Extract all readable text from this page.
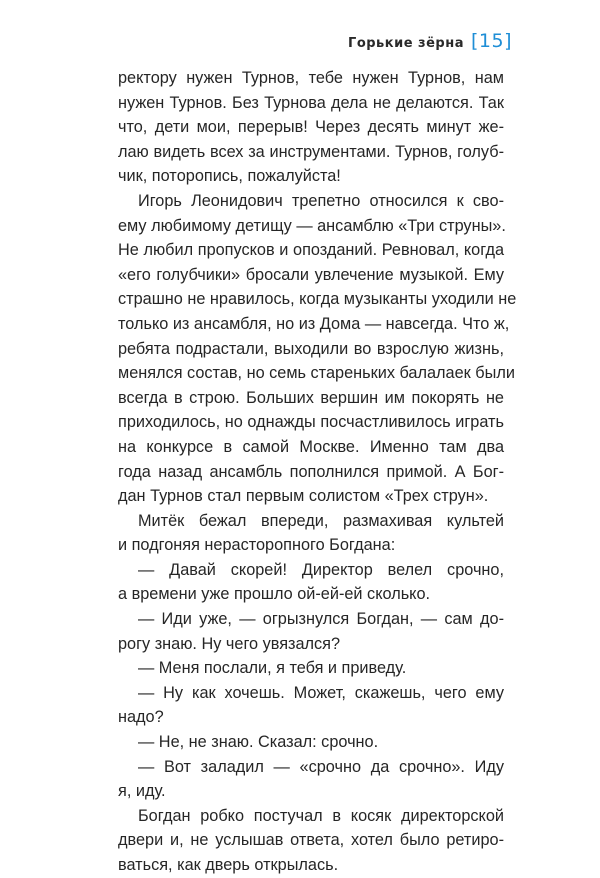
Горькие зёрна [15]
ректору нужен Турнов, тебе нужен Турнов, нам
нужен Турнов. Без Турнова дела не делаются. Так
что, дети мои, перерыв! Через десять минут же-
лаю видеть всех за инструментами. Турнов, голуб-
чик, потoропись, пожалуйста!
Игорь Леонидович трепетно относился к сво-
ему любимому детищу — ансамблю «Три струны».
Не любил пропусков и опозданий. Ревновал, когда
«его голубчики» бросали увлечение музыкой. Ему
страшно не нравилось, когда музыканты уходили не
только из ансамбля, но из Дома — навсегда. Что ж,
ребята подрастали, выходили во взрослую жизнь,
менялся состав, но семь стареньких балалаек были
всегда в строю. Больших вершин им покорять не
приходилось, но однажды посчастливилось играть
на конкурсе в самой Москве. Именно там два
года назад ансамбль пополнился примой. А Бог-
дан Турнов стал первым солистом «Трех струн».
Митёк бежал впереди, размахивая культей
и подгоняя нерасторопного Богдана:
— Давай скорей! Директор велел срочно,
а времени уже прошло ой-ей-ей сколько.
— Иди уже, — огрызнулся Богдан, — сам до-
рогу знаю. Ну чего увязался?
— Меня послали, я тебя и приведу.
— Ну как хочешь. Может, скажешь, чего ему
надо?
— Не, не знаю. Сказал: срочно.
— Вот заладил — «срочно да срочно». Иду
я, иду.
Богдан робко постучал в косяк директорской
двери и, не услышав ответа, хотел было ретиро-
ваться, как дверь открылась.
